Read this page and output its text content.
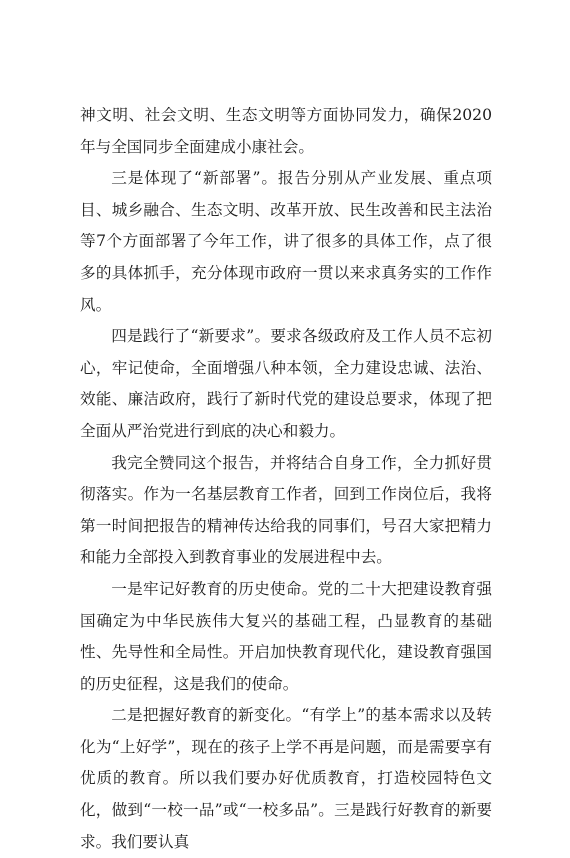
神文明、社会文明、生态文明等方面协同发力，确保2020年与全国同步全面建成小康社会。

三是体现了“新部署”。报告分别从产业发展、重点项目、城乡融合、生态文明、改革开放、民生改善和民主法治等7个方面部署了今年工作，讲了很多的具体工作，点了很多的具体抓手，充分体现市政府一贯以来求真务实的工作作风。

四是践行了“新要求”。要求各级政府及工作人员不忘初心，牢记使命，全面增强八种本领，全力建设忠诚、法治、效能、廉洁政府，践行了新时代党的建设总要求，体现了把全面从严治党进行到底的决心和毅力。

我完全赞同这个报告，并将结合自身工作，全力抓好贯彻落实。作为一名基层教育工作者，回到工作岗位后，我将第一时间把报告的精神传达给我的同事们，号召大家把精力和能力全部投入到教育事业的发展进程中去。

一是牢记好教育的历史使命。党的二十大把建设教育强国确定为中华民族伟大复兴的基础工程，凸显教育的基础性、先导性和全局性。开启加快教育现代化，建设教育强国的历史征程，这是我们的使命。

二是把握好教育的新变化。“有学上”的基本需求以及转化为“上好学”，现在的孩子上学不再是问题，而是需要享有优质的教育。所以我们要办好优质教育，打造校园特色文化，做到“一校一品”或“一校多品”。三是践行好教育的新要求。我们要认真
